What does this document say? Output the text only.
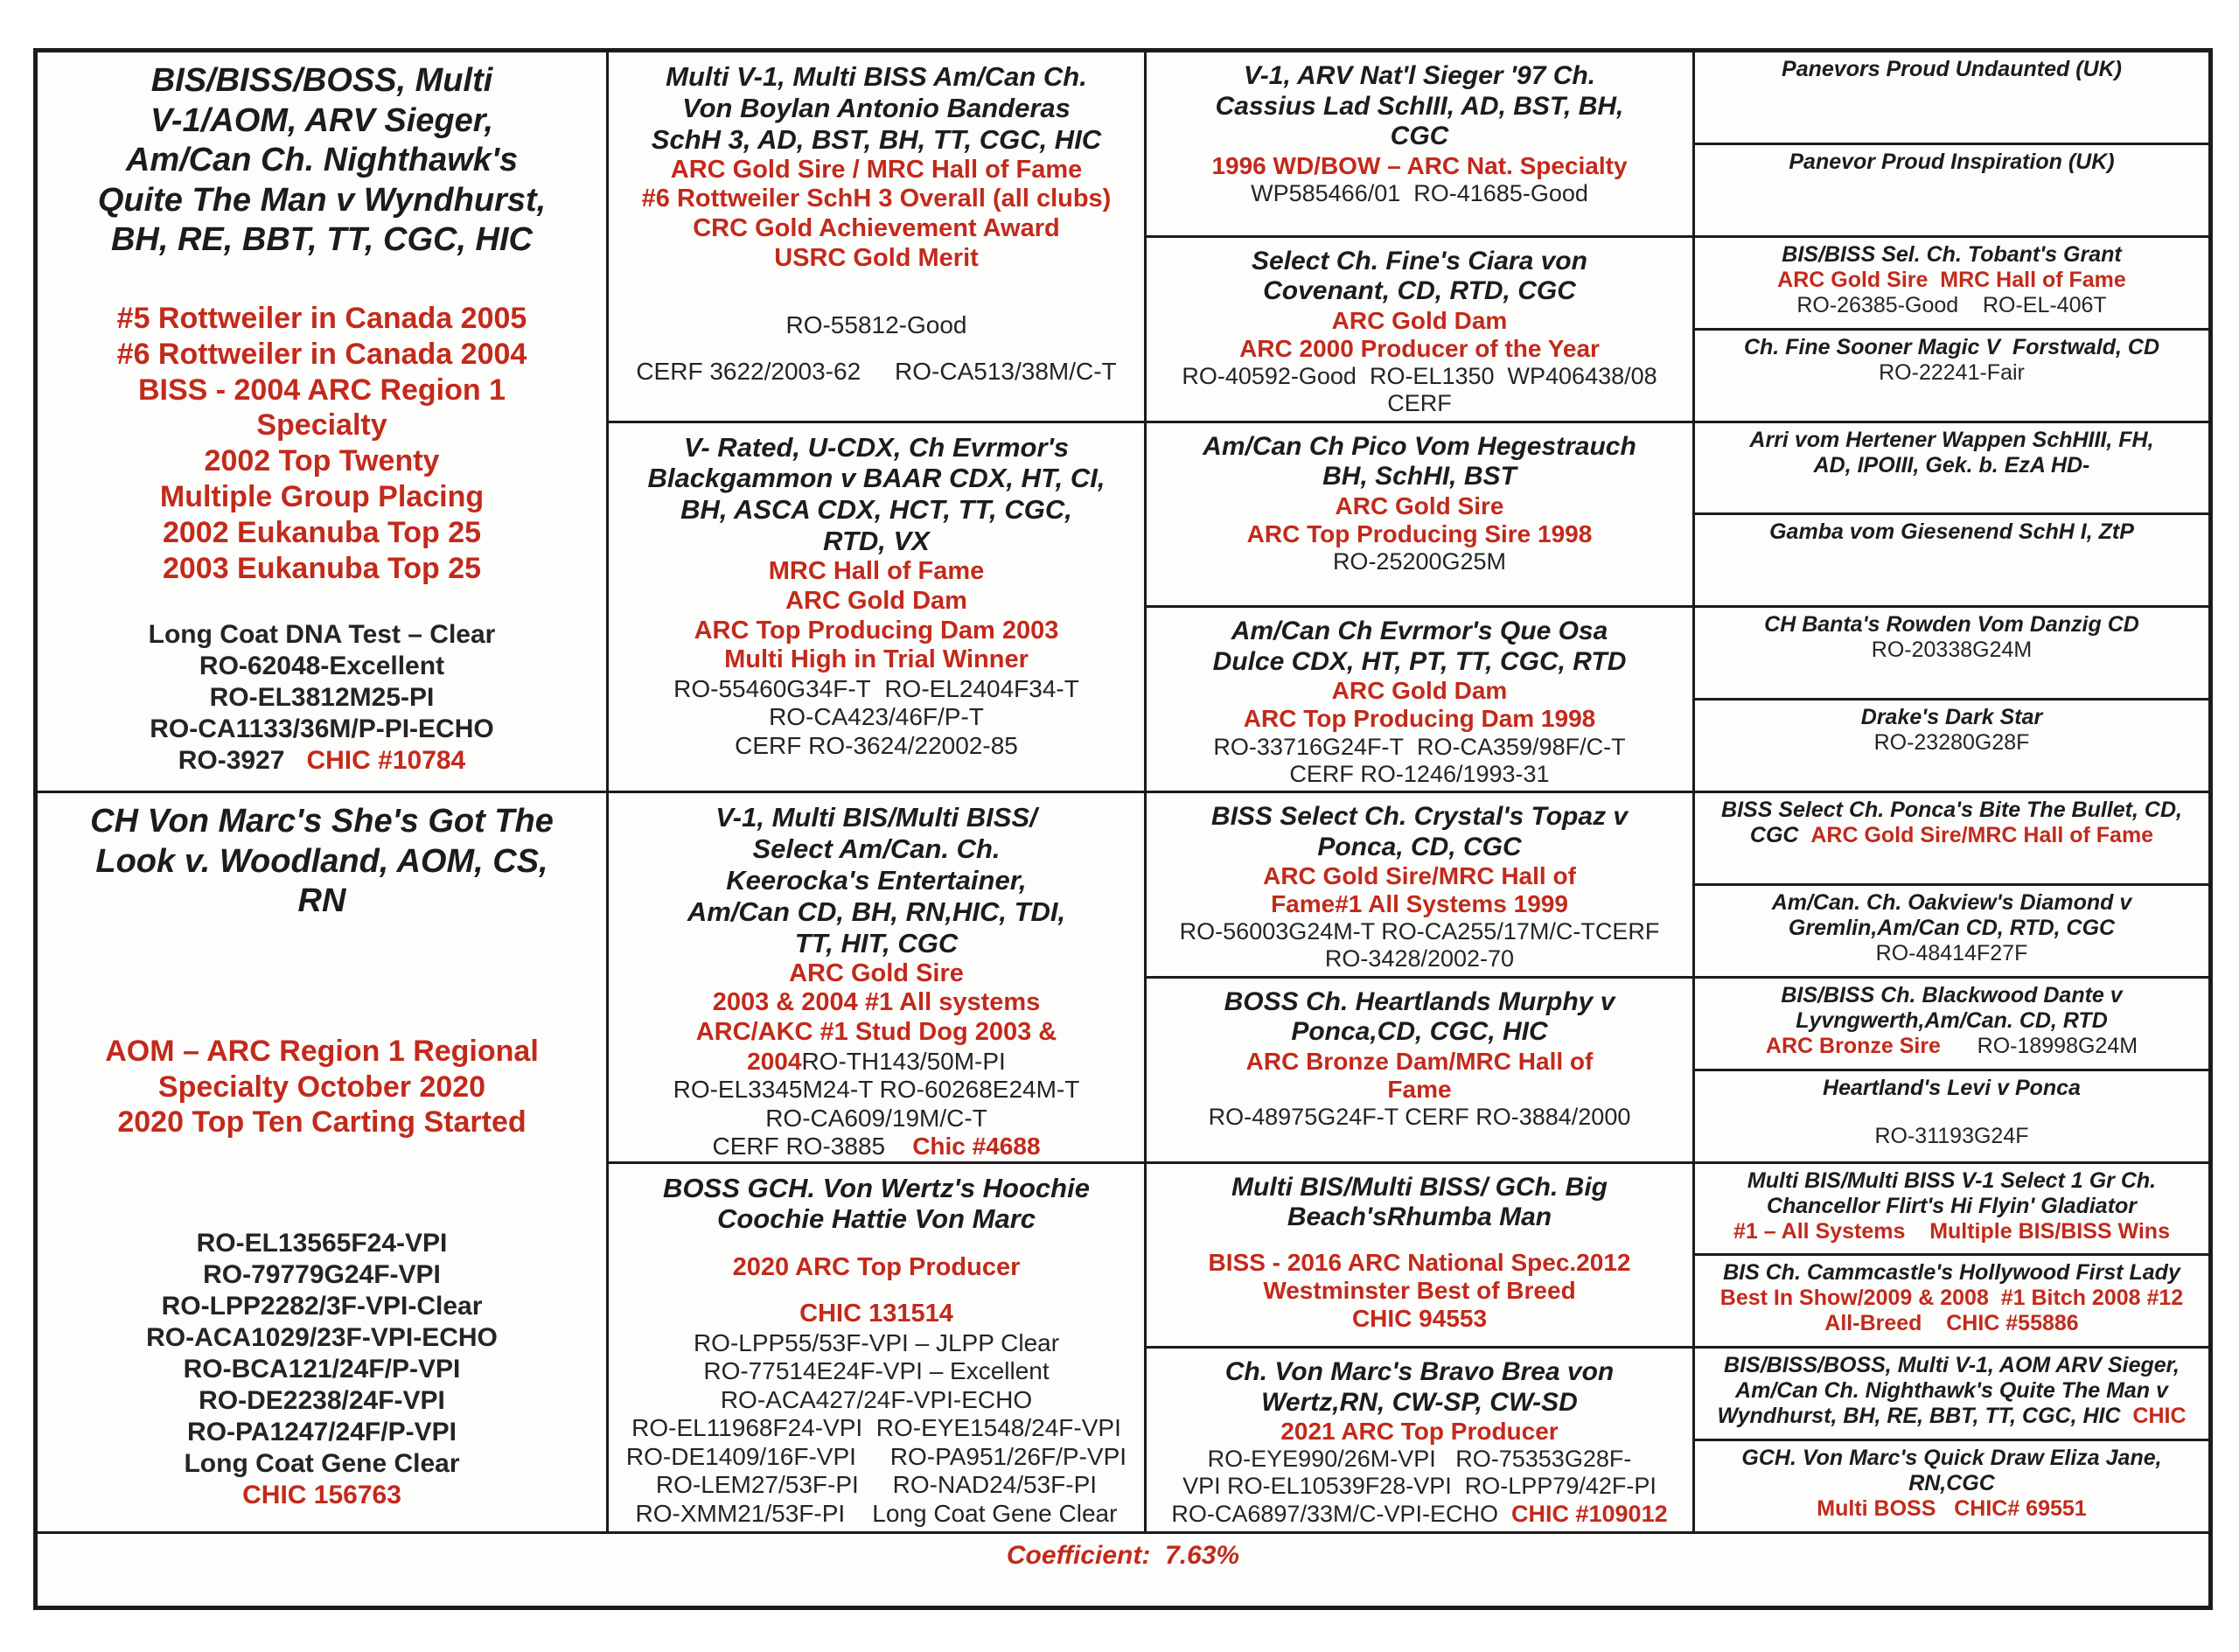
BIS/BISS/BOSS, Multi
V-1/AOM, ARV Sieger,
Am/Can Ch. Nighthawk's
Quite The Man v Wyndhurst,
BH, RE, BBT, TT, CGC, HIC
#5 Rottweiler in Canada 2005
#6 Rottweiler in Canada 2004
BISS - 2004 ARC Region 1
Specialty
2002 Top Twenty
Multiple Group Placing
2002 Eukanuba Top 25
2003 Eukanuba Top 25
Long Coat DNA Test – Clear
RO-62048-Excellent
RO-EL3812M25-PI
RO-CA1133/36M/P-PI-ECHO
RO-3927   CHIC #10784
CH Von Marc's She's Got The
Look v. Woodland, AOM, CS,
RN
AOM – ARC Region 1 Regional
Specialty October 2020
2020 Top Ten Carting Started
RO-EL13565F24-VPI
RO-79779G24F-VPI
RO-LPP2282/3F-VPI-Clear
RO-ACA1029/23F-VPI-ECHO
RO-BCA121/24F/P-VPI
RO-DE2238/24F-VPI
RO-PA1247/24F/P-VPI
Long Coat Gene Clear
CHIC 156763
Multi V-1, Multi BISS Am/Can Ch.
Von Boylan Antonio Banderas
SchH 3, AD, BST, BH, TT, CGC, HIC
ARC Gold Sire / MRC Hall of Fame
#6 Rottweiler SchH 3 Overall (all clubs)
CRC Gold Achievement Award
USRC Gold Merit
RO-55812-Good
CERF 3622/2003-62     RO-CA513/38M/C-T
V- Rated, U-CDX, Ch Evrmor's
Blackgammon v BAAR CDX, HT, CI,
BH, ASCA CDX, HCT, TT, CGC,
RTD, VX
MRC Hall of Fame
ARC Gold Dam
ARC Top Producing Dam 2003
Multi High in Trial Winner
RO-55460G34F-T  RO-EL2404F34-T
RO-CA423/46F/P-T
CERF RO-3624/22002-85
V-1, Multi BIS/Multi BISS/
Select Am/Can. Ch.
Keerocka's Entertainer,
Am/Can CD, BH, RN,HIC, TDI,
TT, HIT, CGC
ARC Gold Sire
2003 & 2004 #1 All systems
ARC/AKC #1 Stud Dog 2003 &
2004RO-TH143/50M-PI
RO-EL3345M24-T RO-60268E24M-T
RO-CA609/19M/C-T
CERF RO-3885    Chic #4688
BOSS GCH. Von Wertz's Hoochie
Coochie Hattie Von Marc
2020 ARC Top Producer
CHIC 131514
RO-LPP55/53F-VPI – JLPP Clear
RO-77514E24F-VPI – Excellent
RO-ACA427/24F-VPI-ECHO
RO-EL11968F24-VPI  RO-EYE1548/24F-VPI
RO-DE1409/16F-VPI     RO-PA951/26F/P-VPI
RO-LEM27/53F-PI     RO-NAD24/53F-PI
RO-XMM21/53F-PI    Long Coat Gene Clear
V-1, ARV Nat'l Sieger '97 Ch.
Cassius Lad SchIII, AD, BST, BH,
CGC
1996 WD/BOW – ARC Nat. Specialty
WP585466/01  RO-41685-Good
Select Ch. Fine's Ciara von
Covenant, CD, RTD, CGC
ARC Gold Dam
ARC 2000 Producer of the Year
RO-40592-Good  RO-EL1350  WP406438/08
CERF
Am/Can Ch Pico Vom Hegestrauch
BH, SchHI, BST
ARC Gold Sire
ARC Top Producing Sire 1998
RO-25200G25M
Am/Can Ch Evrmor's Que Osa
Dulce CDX, HT, PT, TT, CGC, RTD
ARC Gold Dam
ARC Top Producing Dam 1998
RO-33716G24F-T  RO-CA359/98F/C-T
CERF RO-1246/1993-31
BISS Select Ch. Crystal's Topaz v
Ponca, CD, CGC
ARC Gold Sire/MRC Hall of
Fame#1 All Systems 1999
RO-56003G24M-T RO-CA255/17M/C-TCERF
RO-3428/2002-70
BOSS Ch. Heartlands Murphy v
Ponca,CD, CGC, HIC
ARC Bronze Dam/MRC Hall of
Fame
RO-48975G24F-T CERF RO-3884/2000
Multi BIS/Multi BISS/ GCh. Big
Beach'sRhumba Man
BISS - 2016 ARC National Spec.2012
Westminster Best of Breed
CHIC 94553
Ch. Von Marc's Bravo Brea von
Wertz,RN, CW-SP, CW-SD
2021 ARC Top Producer
RO-EYE990/26M-VPI   RO-75353G28F-
VPI RO-EL10539F28-VPI  RO-LPP79/42F-PI
RO-CA6897/33M/C-VPI-ECHO  CHIC #109012
Panevors Proud Undaunted (UK)
Panevor Proud Inspiration (UK)
BIS/BISS Sel. Ch. Tobant's Grant
ARC Gold Sire  MRC Hall of Fame
RO-26385-Good    RO-EL-406T
Ch. Fine Sooner Magic V  Forstwald, CD
RO-22241-Fair
Arri vom Hertener Wappen SchHIII, FH,
AD, IPOIII, Gek. b. EzA HD-
Gamba vom Giesenend SchH I, ZtP
CH Banta's Rowden Vom Danzig CD
RO-20338G24M
Drake's Dark Star
RO-23280G28F
BISS Select Ch. Ponca's Bite The Bullet, CD,
CGC  ARC Gold Sire/MRC Hall of Fame
Am/Can. Ch. Oakview's Diamond v
Gremlin,Am/Can CD, RTD, CGC
RO-48414F27F
BIS/BISS Ch. Blackwood Dante v
Lyvngwerth,Am/Can. CD, RTD
ARC Bronze Sire      RO-18998G24M
Heartland's Levi v Ponca
RO-31193G24F
Multi BIS/Multi BISS V-1 Select 1 Gr Ch.
Chancellor Flirt's Hi Flyin' Gladiator
#1 – All Systems    Multiple BIS/BISS Wins
BIS Ch. Cammcastle's Hollywood First Lady
Best In Show/2009 & 2008  #1 Bitch 2008 #12
All-Breed    CHIC #55886
BIS/BISS/BOSS, Multi V-1, AOM ARV Sieger,
Am/Can Ch. Nighthawk's Quite The Man v
Wyndhurst, BH, RE, BBT, TT, CGC, HIC  CHIC
GCH. Von Marc's Quick Draw Eliza Jane,
RN,CGC
Multi BOSS   CHIC# 69551
Coefficient:  7.63%
